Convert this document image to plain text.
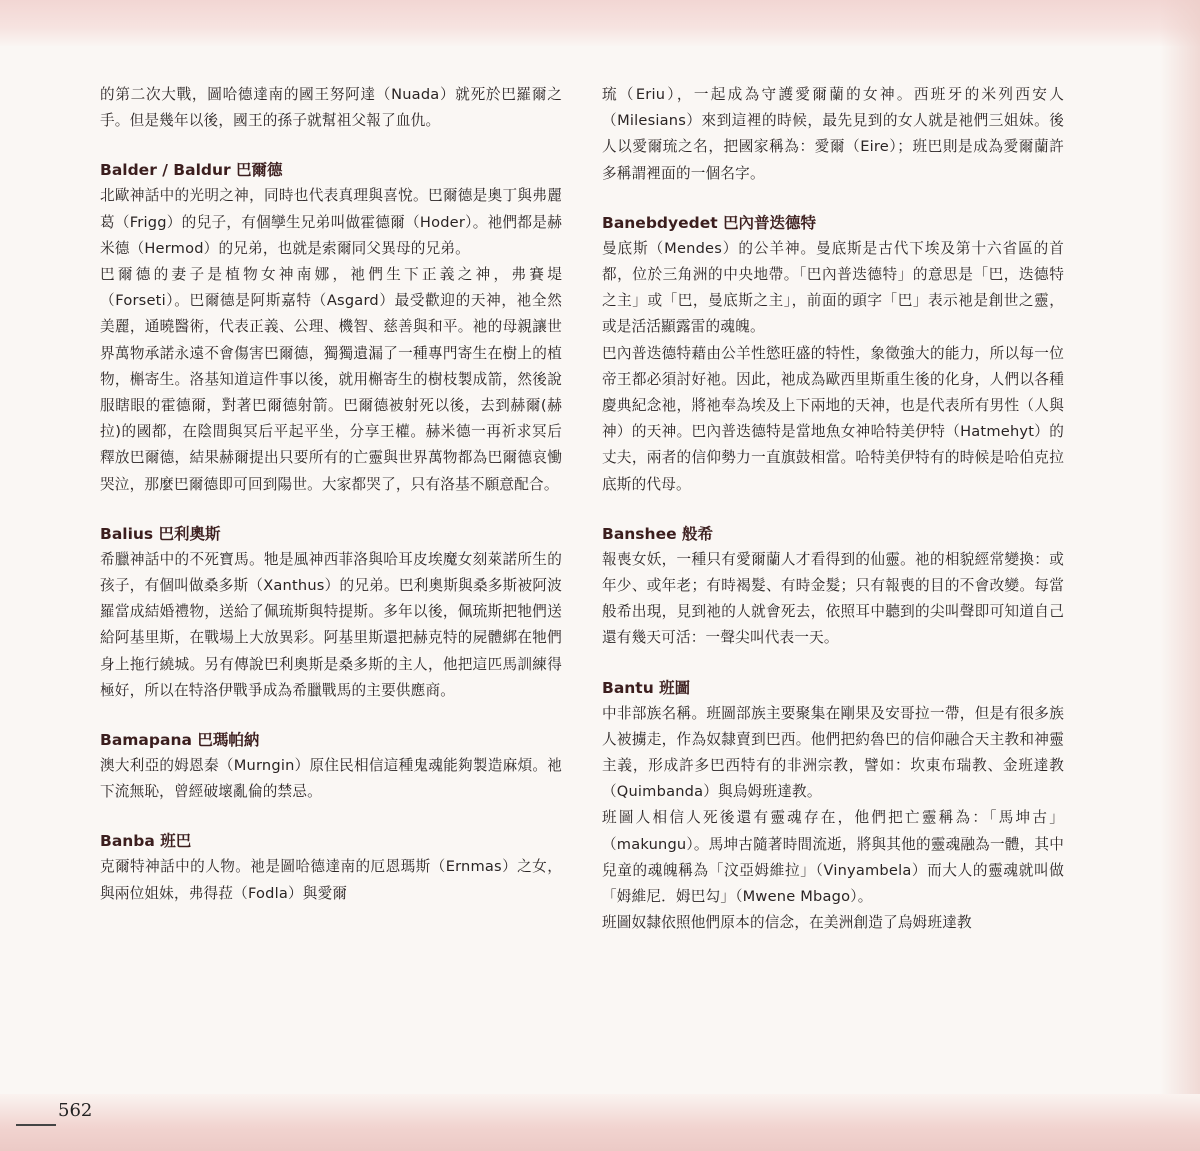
的第二次大戰，圖哈德達南的國王努阿達（Nuada）就死於巴羅爾之手。但是幾年以後，國王的孫子就幫祖父報了血仇。

Balder / Baldur 巴爾德

北歐神話中的光明之神，同時也代表真理與喜悅。巴爾德是奧丁與弗麗葛（Frigg）的兒子，有個孿生兄弟叫做霍德爾（Hoder）。祂們都是赫米德（Hermod）的兄弟，也就是索爾同父異母的兄弟。

巴爾德的妻子是植物女神南娜，祂們生下正義之神，弗賽堤（Forseti）。巴爾德是阿斯嘉特（Asgard）最受歡迎的天神，祂全然美麗，通曉醫術，代表正義、公理、機智、慈善與和平。祂的母親讓世界萬物承諾永遠不會傷害巴爾德，獨獨遺漏了一種專門寄生在樹上的植物，槲寄生。洛基知道這件事以後，就用槲寄生的樹枝製成箭，然後說服瞎眼的霍德爾，對著巴爾德射箭。巴爾德被射死以後，去到赫爾(赫拉)的國都，在陰間與冥后平起平坐，分享王權。赫米德一再祈求冥后釋放巴爾德，結果赫爾提出只要所有的亡靈與世界萬物都為巴爾德哀慟哭泣，那麼巴爾德即可回到陽世。大家都哭了，只有洛基不願意配合。

Balius 巴利奧斯

希臘神話中的不死寶馬。牠是風神西菲洛與哈耳皮埃魔女刻萊諾所生的孩子，有個叫做桑多斯（Xanthus）的兄弟。巴利奧斯與桑多斯被阿波羅當成結婚禮物，送給了佩琉斯與特提斯。多年以後，佩琉斯把牠們送給阿基里斯，在戰場上大放異彩。阿基里斯還把赫克特的屍體綁在牠們身上拖行繞城。另有傳說巴利奧斯是桑多斯的主人，他把這匹馬訓練得極好，所以在特洛伊戰爭成為希臘戰馬的主要供應商。

Bamapana 巴瑪帕納

澳大利亞的姆恩秦（Murngin）原住民相信這種鬼魂能夠製造麻煩。祂下流無恥，曾經破壞亂倫的禁忌。

Banba 班巴

克爾特神話中的人物。祂是圖哈德達南的厄恩瑪斯（Ernmas）之女，與兩位姐妹，弗得菈（Fodla）與愛爾

琉（Eriu），一起成為守護愛爾蘭的女神。西班牙的米列西安人（Milesians）來到這裡的時候，最先見到的女人就是祂們三姐妹。後人以愛爾琉之名，把國家稱為：愛爾（Eire）；班巴則是成為愛爾蘭許多稱謂裡面的一個名字。

Banebdyedet 巴內普迭德特

曼底斯（Mendes）的公羊神。曼底斯是古代下埃及第十六省區的首都，位於三角洲的中央地帶。「巴內普迭德特」的意思是「巴，迭德特之主」或「巴，曼底斯之主」，前面的頭字「巴」表示祂是創世之靈，或是活活顯露雷的魂魄。

巴內普迭德特藉由公羊性慾旺盛的特性，象徵強大的能力，所以每一位帝王都必須討好祂。因此，祂成為歐西里斯重生後的化身，人們以各種慶典紀念祂，將祂奉為埃及上下兩地的天神，也是代表所有男性（人與神）的天神。巴內普迭德特是當地魚女神哈特美伊特（Hatmehyt）的丈夫，兩者的信仰勢力一直旗鼓相當。哈特美伊特有的時候是哈伯克拉底斯的代母。

Banshee 般希

報喪女妖，一種只有愛爾蘭人才看得到的仙靈。祂的相貌經常變換：或年少、或年老；有時褐髮、有時金髮；只有報喪的目的不會改變。每當般希出現，見到祂的人就會死去，依照耳中聽到的尖叫聲即可知道自己還有幾天可活：一聲尖叫代表一天。

Bantu 班圖

中非部族名稱。班圖部族主要聚集在剛果及安哥拉一帶，但是有很多族人被擄走，作為奴隸賣到巴西。他們把約魯巴的信仰融合天主教和神靈主義，形成許多巴西特有的非洲宗教，譬如：坎東布瑞教、金班達教（Quimbanda）與烏姆班達教。

班圖人相信人死後還有靈魂存在，他們把亡靈稱為：「馬坤古」（makungu）。馬坤古隨著時間流逝，將與其他的靈魂融為一體，其中兒童的魂魄稱為「汶亞姆維拉」（Vinyambela）而大人的靈魂就叫做「姆維尼．姆巴勾」（Mwene Mbago）。

班圖奴隸依照他們原本的信念，在美洲創造了烏姆班達教

562
